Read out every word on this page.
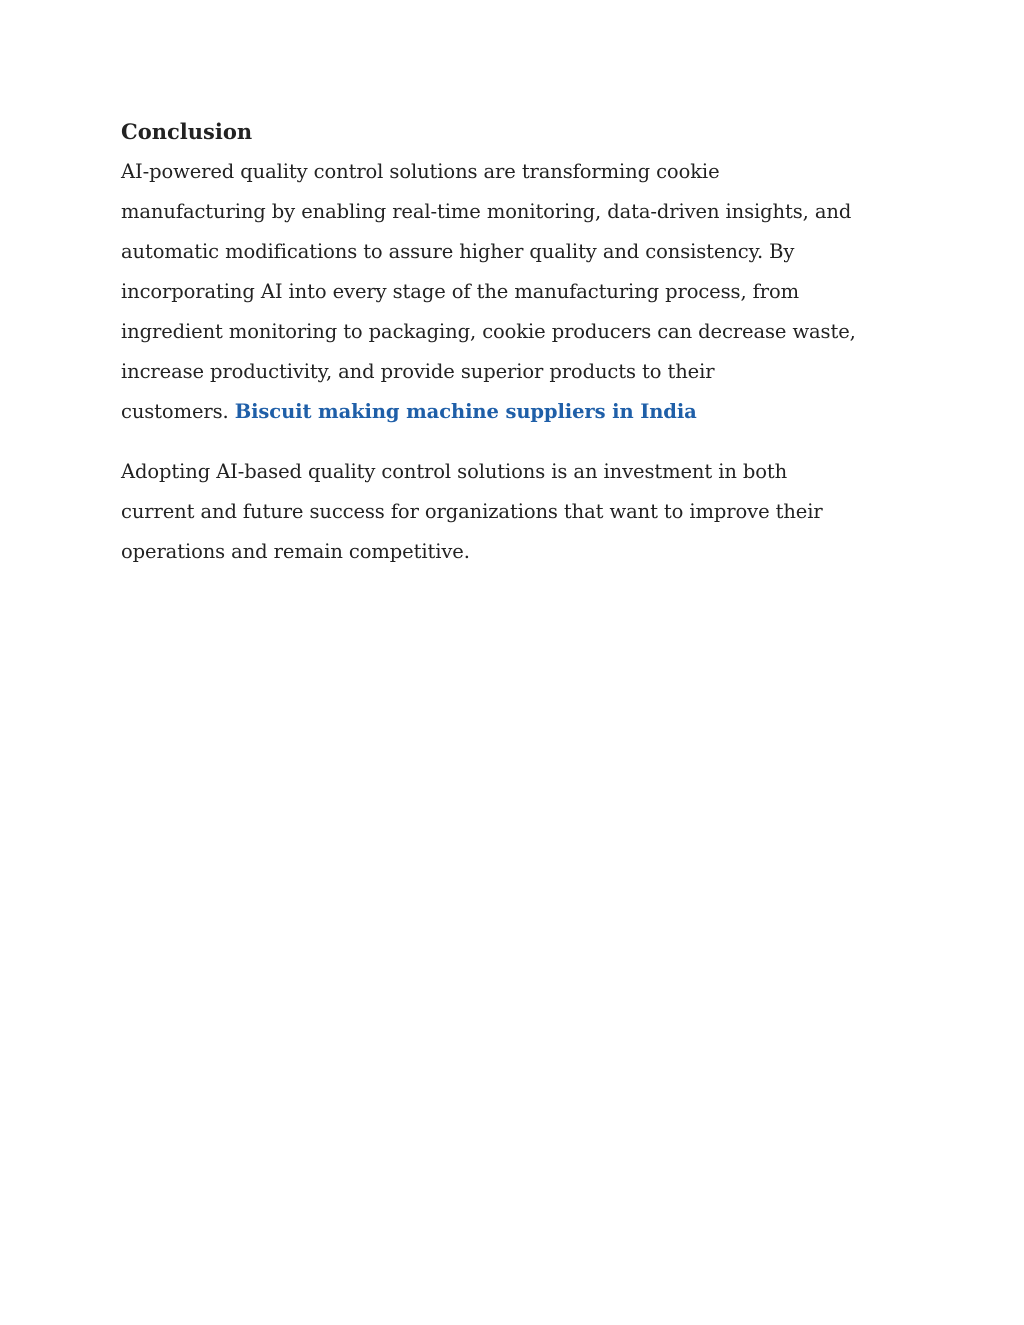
Conclusion

AI-powered quality control solutions are transforming cookie
manufacturing by enabling real-time monitoring, data-driven insights, and
automatic modifications to assure higher quality and consistency. By
incorporating AI into every stage of the manufacturing process, from
ingredient monitoring to packaging, cookie producers can decrease waste,
increase productivity, and provide superior products to their
customers. Biscuit making machine suppliers in India

Adopting AI-based quality control solutions is an investment in both
current and future success for organizations that want to improve their
operations and remain competitive.
